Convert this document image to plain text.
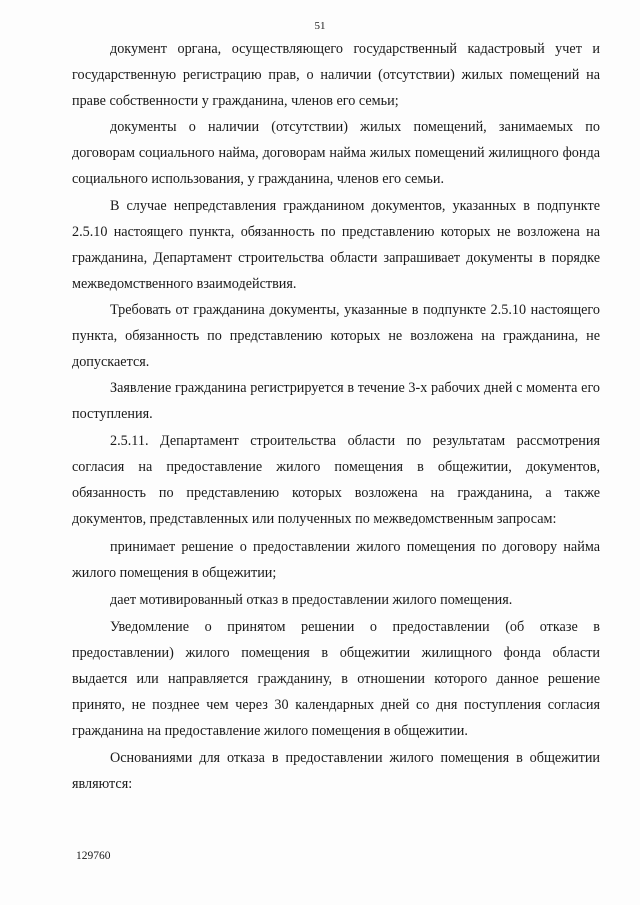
51

документ органа, осуществляющего государственный кадастровый учет и государственную регистрацию прав, о наличии (отсутствии) жилых помещений на праве собственности у гражданина, членов его семьи;

документы о наличии (отсутствии) жилых помещений, занимаемых по договорам социального найма, договорам найма жилых помещений жилищного фонда социального использования, у гражданина, членов его семьи.

В случае непредставления гражданином документов, указанных в подпункте 2.5.10 настоящего пункта, обязанность по представлению которых не возложена на гражданина, Департамент строительства области запрашивает документы в порядке межведомственного взаимодействия.

Требовать от гражданина документы, указанные в подпункте 2.5.10 настоящего пункта, обязанность по представлению которых не возложена на гражданина, не допускается.

Заявление гражданина регистрируется в течение 3-х рабочих дней с момента его поступления.

2.5.11. Департамент строительства области по результатам рассмотрения согласия на предоставление жилого помещения в общежитии, документов, обязанность по представлению которых возложена на гражданина, а также документов, представленных или полученных по межведомственным запросам:

принимает решение о предоставлении жилого помещения по договору найма жилого помещения в общежитии;

дает мотивированный отказ в предоставлении жилого помещения.

Уведомление о принятом решении о предоставлении (об отказе в предоставлении) жилого помещения в общежитии жилищного фонда области выдается или направляется гражданину, в отношении которого данное решение принято, не позднее чем через 30 календарных дней со дня поступления согласия гражданина на предоставление жилого помещения в общежитии.

Основаниями для отказа в предоставлении жилого помещения в общежитии являются:

129760
